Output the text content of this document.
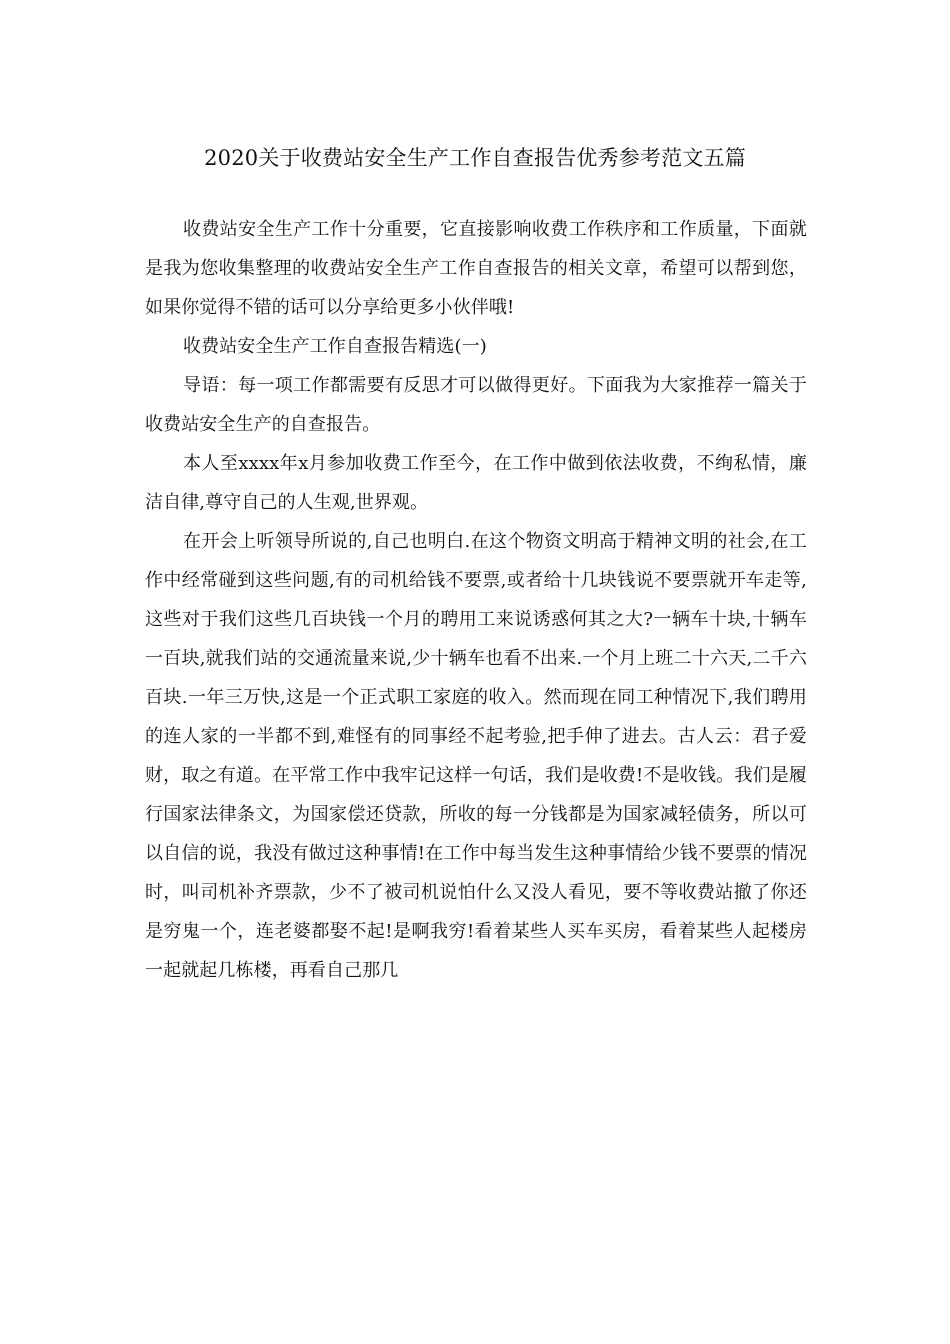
2020关于收费站安全生产工作自查报告优秀参考范文五篇

收费站安全生产工作十分重要，它直接影响收费工作秩序和工作质量，下面就是我为您收集整理的收费站安全生产工作自查报告的相关文章，希望可以帮到您，如果你觉得不错的话可以分享给更多小伙伴哦!

收费站安全生产工作自查报告精选(一)

导语：每一项工作都需要有反思才可以做得更好。下面我为大家推荐一篇关于收费站安全生产的自查报告。

本人至xxxx年x月参加收费工作至今，在工作中做到依法收费，不绚私情，廉洁自律,尊守自己的人生观,世界观。

在开会上听领导所说的,自己也明白.在这个物资文明高于精神文明的社会,在工作中经常碰到这些问题,有的司机给钱不要票,或者给十几块钱说不要票就开车走等,这些对于我们这些几百块钱一个月的聘用工来说诱惑何其之大?一辆车十块,十辆车一百块,就我们站的交通流量来说,少十辆车也看不出来.一个月上班二十六天,二千六百块.一年三万快,这是一个正式职工家庭的收入。然而现在同工种情况下,我们聘用的连人家的一半都不到,难怪有的同事经不起考验,把手伸了进去。古人云：君子爱财，取之有道。在平常工作中我牢记这样一句话，我们是收费!不是收钱。我们是履行国家法律条文，为国家偿还贷款，所收的每一分钱都是为国家减轻债务，所以可以自信的说，我没有做过这种事情!在工作中每当发生这种事情给少钱不要票的情况时，叫司机补齐票款，少不了被司机说怕什么又没人看见，要不等收费站撤了你还是穷鬼一个，连老婆都娶不起!是啊我穷!看着某些人买车买房，看着某些人起楼房一起就起几栋楼，再看自己那几
